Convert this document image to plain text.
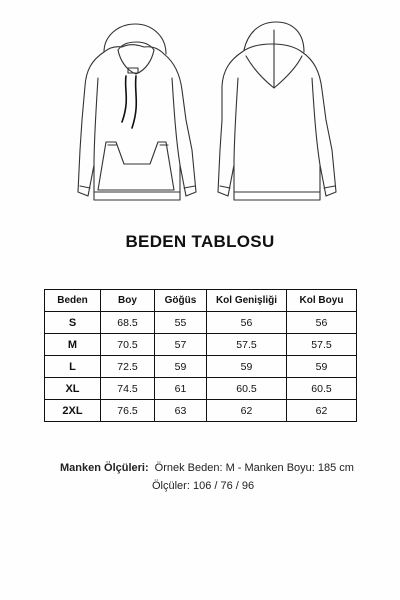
BEDEN TABLOSU
Beden	Boy	Göğüs	Kol Genişliği	Kol Boyu
S	68.5	55	56	56
M	70.5	57	57.5	57.5
L	72.5	59	59	59
XL	74.5	61	60.5	60.5
2XL	76.5	63	62	62
Manken Ölçüleri: Örnek Beden: M - Manken Boyu: 185 cm
Ölçüler: 106 / 76 / 96
